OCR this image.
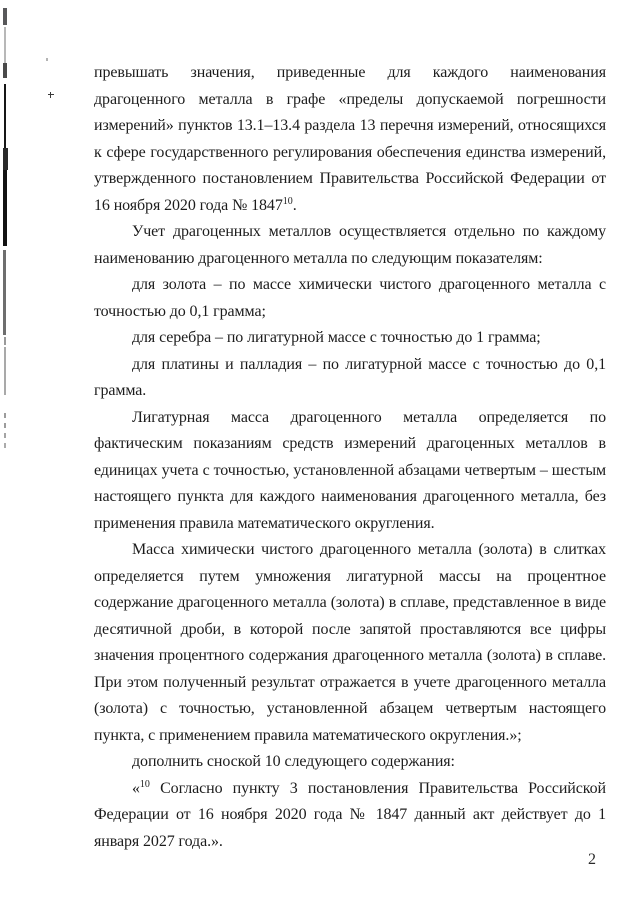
превышать значения, приведенные для каждого наименования драгоценного металла в графе «пределы допускаемой погрешности измерений» пунктов 13.1–13.4 раздела 13 перечня измерений, относящихся к сфере государственного регулирования обеспечения единства измерений, утвержденного постановлением Правительства Российской Федерации от 16 ноября 2020 года № 1847$^{10}$.

Учет драгоценных металлов осуществляется отдельно по каждому наименованию драгоценного металла по следующим показателям:

для золота – по массе химически чистого драгоценного металла с точностью до 0,1 грамма;

для серебра – по лигатурной массе с точностью до 1 грамма;

для платины и палладия – по лигатурной массе с точностью до 0,1 грамма.

Лигатурная масса драгоценного металла определяется по фактическим показаниям средств измерений драгоценных металлов в единицах учета с точностью, установленной абзацами четвертым – шестым настоящего пункта для каждого наименования драгоценного металла, без применения правила математического округления.

Масса химически чистого драгоценного металла (золота) в слитках определяется путем умножения лигатурной массы на процентное содержание драгоценного металла (золота) в сплаве, представленное в виде десятичной дроби, в которой после запятой проставляются все цифры значения процентного содержания драгоценного металла (золота) в сплаве. При этом полученный результат отражается в учете драгоценного металла (золота) с точностью, установленной абзацем четвертым настоящего пункта, с применением правила математического округления.»;

дополнить сноской 10 следующего содержания:

«$^{10}$ Согласно пункту 3 постановления Правительства Российской Федерации от 16 ноября 2020 года № 1847 данный акт действует до 1 января 2027 года.».

2
